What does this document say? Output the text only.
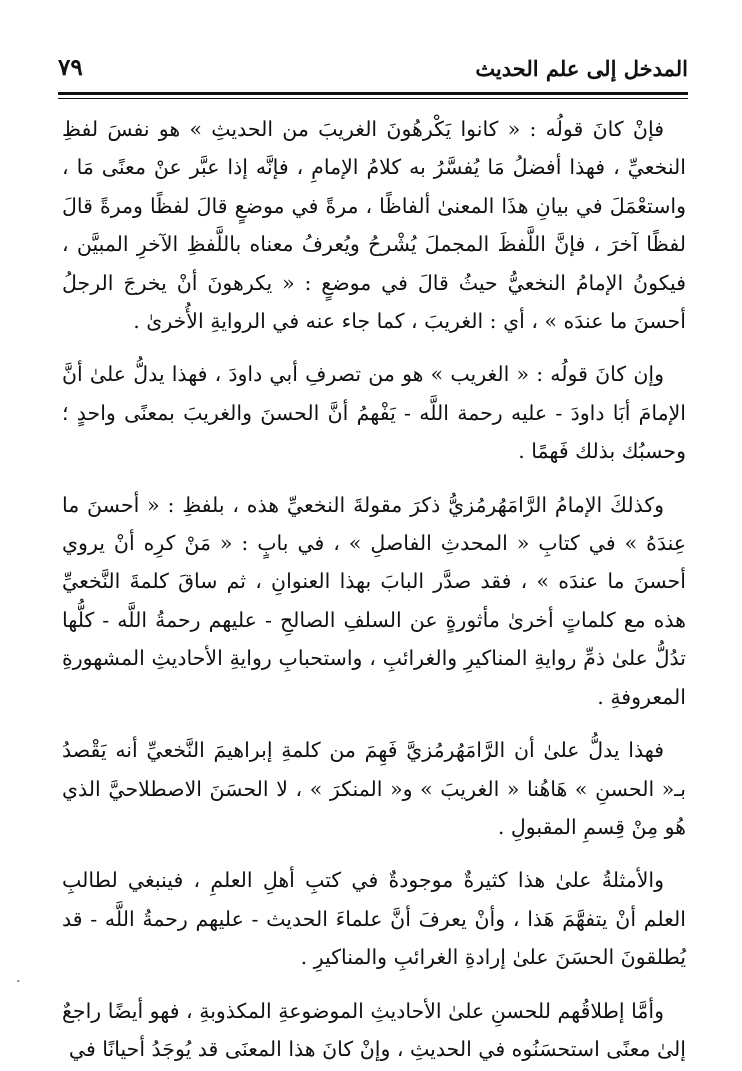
المدخل إلى علم الحديث
٧٩

فإنْ كانَ قولُه : « كانوا يَكْرهُونَ الغريبَ من الحديثِ » هو نفسَ لفظِ النخعيِّ ، فهذا أفضلُ مَا يُفسَّرُ به كلامُ الإمامِ ، فإنَّه إذا عبَّر عنْ معنًى مَا ، واستعْمَلَ في بيانِ هذَا المعنىٰ ألفاظًا ، مرةً في موضعٍ قالَ لفظًا ومرةً قالَ لفظًا آخرَ ، فإنَّ اللَّفظَ المجملَ يُشْرحُ ويُعرفُ معناه باللَّفظِ الآخرِ المبيَّن ، فيكونُ الإمامُ النخعيُّ حيثُ قالَ في موضعٍ : « يكرهونَ أنْ يخرجَ الرجلُ أحسنَ ما عندَه » ، أي : الغريبَ ، كما جاء عنه في الروايةِ الأُخرىٰ .

وإن كانَ قولُه : « الغريب » هو من تصرفِ أبي داودَ ، فهذا يدلُّ علىٰ أنَّ الإمامَ أبَا داودَ - عليه رحمة اللَّه - يَفْهمُ أنَّ الحسنَ والغريبَ بمعنًى واحدٍ ؛ وحسبُك بذلك فَهمًا .

وكذلكَ الإمامُ الرَّامَهُرمُزيُّ ذكرَ مقولةَ النخعيِّ هذه ، بلفظِ : « أحسنَ ما عِندَهُ » في كتابِ « المحدثِ الفاصلِ » ، في بابٍ : « مَنْ كرِه أنْ يروي أحسنَ ما عندَه » ، فقد صدَّر البابَ بهذا العنوانِ ، ثم ساقَ كلمةَ النَّخعيِّ هذه مع كلماتٍ أخرىٰ مأثورةٍ عن السلفِ الصالحِ - عليهم رحمةُ اللَّه - كلُّها تدُلُّ علىٰ ذمِّ روايةِ المناكيرِ والغرائبِ ، واستحبابِ روايةِ الأحاديثِ المشهورةِ المعروفةِ .

فهذا يدلُّ علىٰ أن الرَّامَهُرمُزيَّ فَهِمَ من كلمةِ إبراهيمَ النَّخعيِّ أنه يَقْصدُ بـ« الحسنِ » هَاهُنا « الغريبَ » و« المنكرَ » ، لا الحسَنَ الاصطلاحيَّ الذي هُو مِنْ قِسمِ المقبولِ .

والأمثلةُ علىٰ هذا كثيرةٌ موجودةٌ في كتبِ أهلِ العلمِ ، فينبغي لطالبِ العلم أنْ يتفهَّمَ هَذا ، وأنْ يعرفَ أنَّ علماءَ الحديث - عليهم رحمةُ اللَّه - قد يُطلقونَ الحسَنَ علىٰ إرادةِ الغرائبِ والمناكيرِ .

وأمَّا إطلاقُهم للحسنِ علىٰ الأحاديثِ الموضوعةِ المكذوبةِ ، فهو أيضًا راجعٌ إلىٰ معنًى استحسَنُوه في الحديثِ ، وإنْ كانَ هذا المعنَى قد يُوجَدُ أحيانًا في

.
